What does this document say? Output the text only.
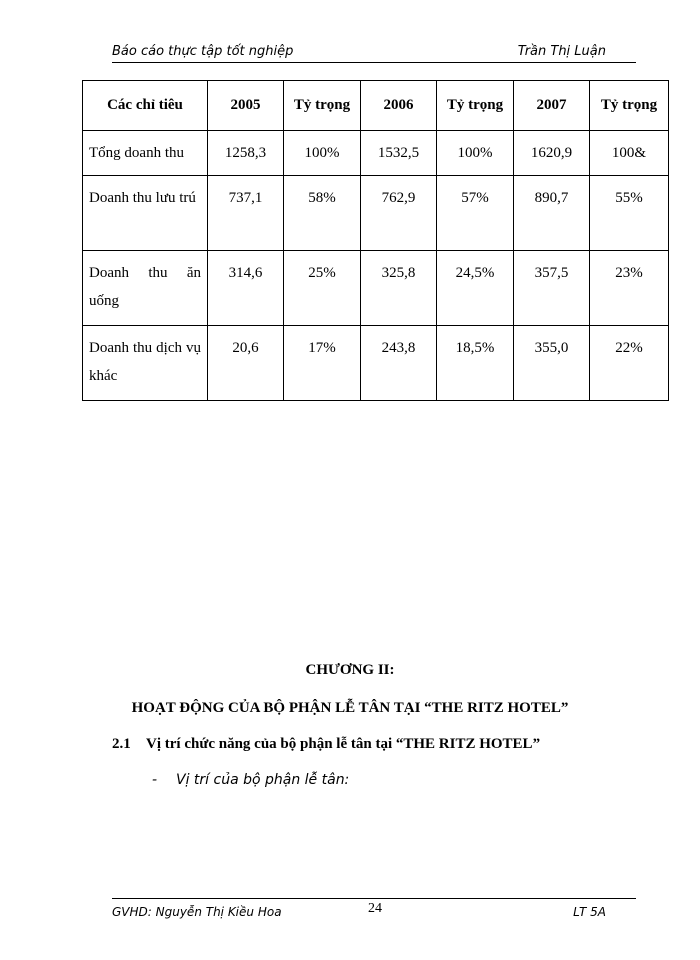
Báo cáo thực tập tốt nghiệp	Trần Thị Luận
Các chỉ tiêu	2005	Tỷ trọng	2006	Tỷ trọng	2007	Tỷ trọng
Tổng doanh thu	1258,3	100%	1532,5	100%	1620,9	100&
Doanh thu lưu trú	737,1	58%	762,9	57%	890,7	55%
Doanh thu ăn uống	314,6	25%	325,8	24,5%	357,5	23%
Doanh thu dịch vụ khác	20,6	17%	243,8	18,5%	355,0	22%
CHƯƠNG II:
HOẠT ĐỘNG CỦA BỘ PHẬN LỄ TÂN TẠI “THE RITZ HOTEL”
2.1 Vị trí chức năng của bộ phận lễ tân tại “THE RITZ HOTEL”
- Vị trí của bộ phận lễ tân:
GVHD: Nguyễn Thị Kiều Hoa	24	LT 5A
